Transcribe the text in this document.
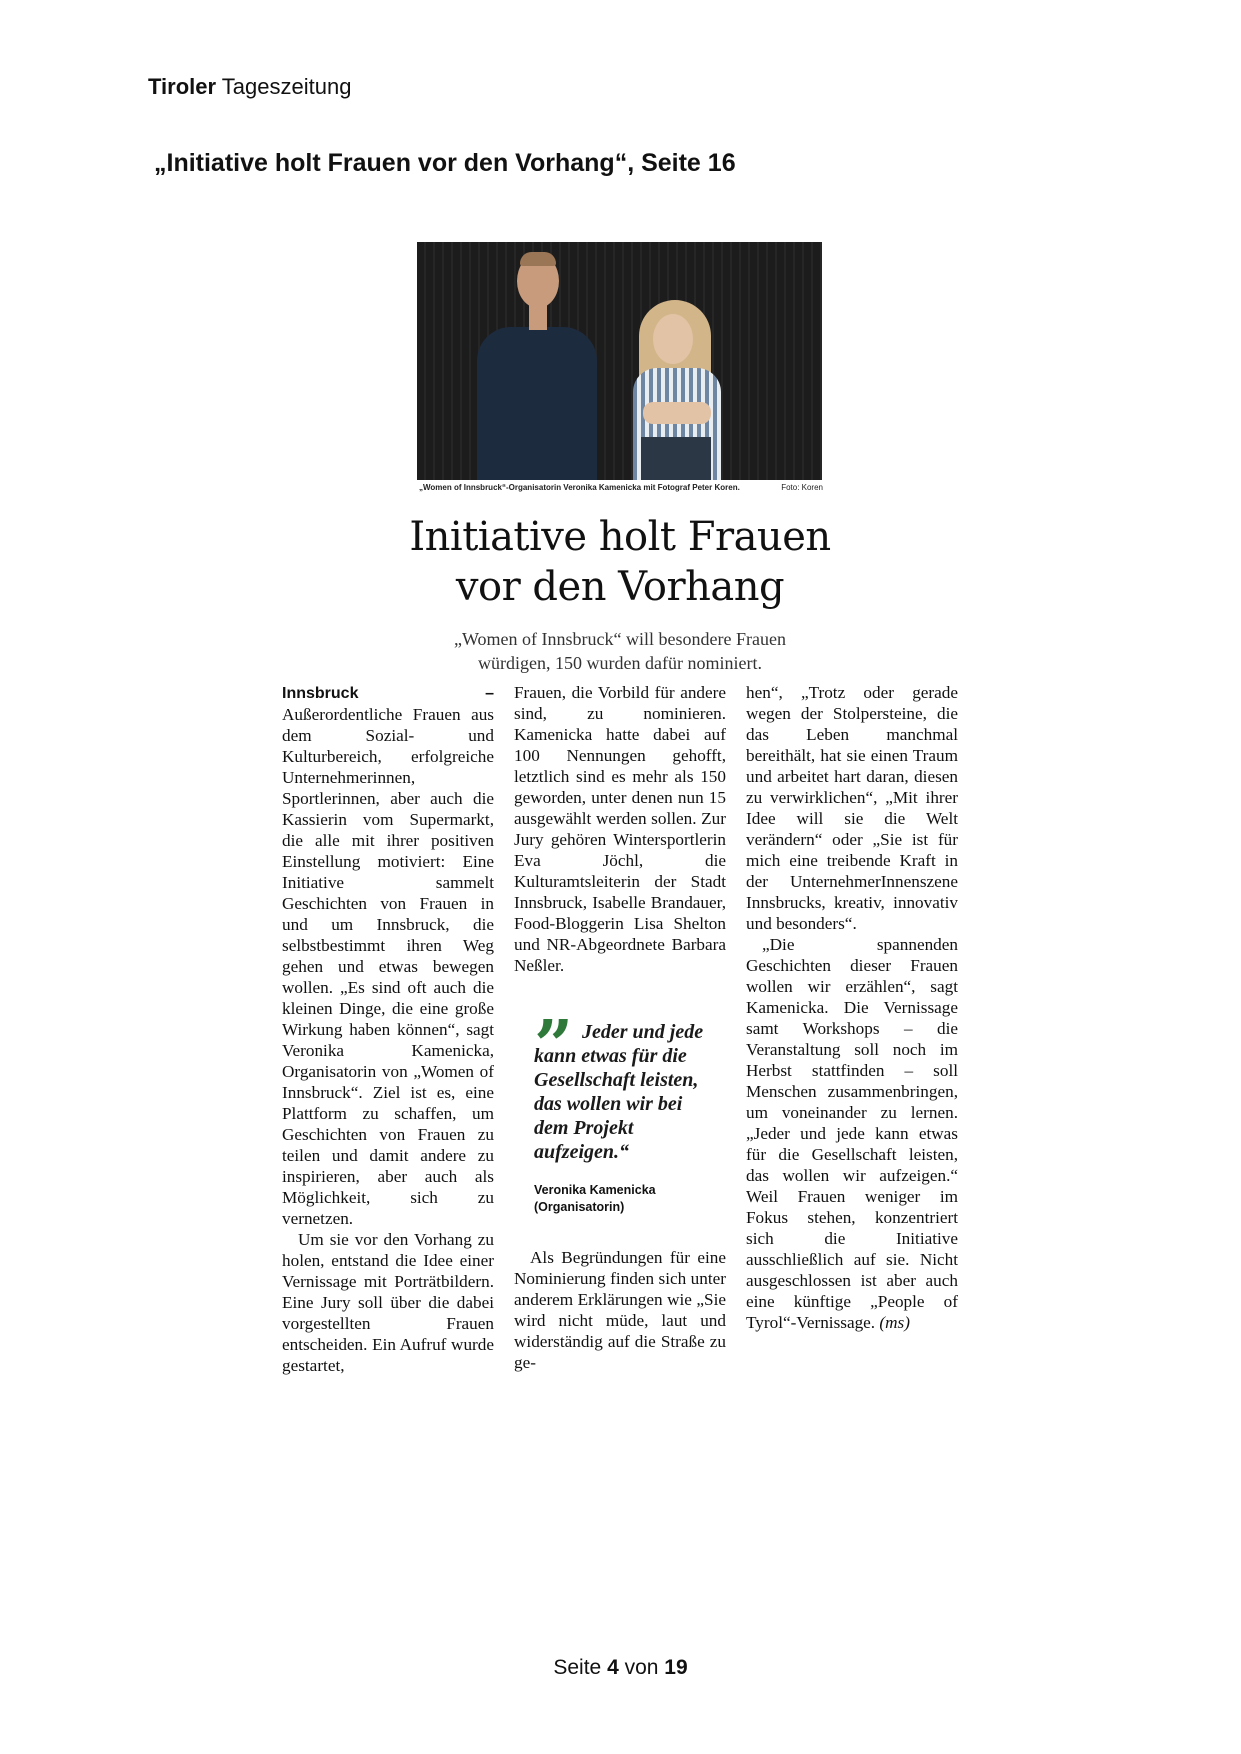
Tiroler Tageszeitung
„Initiative holt Frauen vor den Vorhang“, Seite 16
„Women of Innsbruck“-Organisatorin Veronika Kamenicka mit Fotograf Peter Koren.	Foto: Koren
Initiative holt Frauen
vor den Vorhang
„Women of Innsbruck“ will besondere Frauen
würdigen, 150 wurden dafür nominiert.

Innsbruck – Außerordentliche Frauen aus dem Sozial- und Kulturbereich, erfolgreiche Unternehmerinnen, Sportlerinnen, aber auch die Kassierin vom Supermarkt, die alle mit ihrer positiven Einstellung motiviert: Eine Initiative sammelt Geschichten von Frauen in und um Innsbruck, die selbstbestimmt ihren Weg gehen und etwas bewegen wollen. „Es sind oft auch die kleinen Dinge, die eine große Wirkung haben können“, sagt Veronika Kamenicka, Organisatorin von „Women of Innsbruck“. Ziel ist es, eine Plattform zu schaffen, um Geschichten von Frauen zu teilen und damit andere zu inspirieren, aber auch als Möglichkeit, sich zu vernetzen.

Um sie vor den Vorhang zu holen, entstand die Idee einer Vernissage mit Porträtbildern. Eine Jury soll über die dabei vorgestellten Frauen entscheiden. Ein Aufruf wurde gestartet,

Frauen, die Vorbild für andere sind, zu nominieren. Kamenicka hatte dabei auf 100 Nennungen gehofft, letztlich sind es mehr als 150 geworden, unter denen nun 15 ausgewählt werden sollen. Zur Jury gehören Wintersportlerin Eva Jöchl, die Kulturamtsleiterin der Stadt Innsbruck, Isabelle Brandauer, Food-Bloggerin Lisa Shelton und NR-Abgeordnete Barbara Neßler.

” Jeder und jede kann etwas für die Gesellschaft leisten, das wollen wir bei dem Projekt aufzeigen.“
Veronika Kamenicka
(Organisatorin)

Als Begründungen für eine Nominierung finden sich unter anderem Erklärungen wie „Sie wird nicht müde, laut und widerständig auf die Straße zu ge-

hen“, „Trotz oder gerade wegen der Stolpersteine, die das Leben manchmal bereithält, hat sie einen Traum und arbeitet hart daran, diesen zu verwirklichen“, „Mit ihrer Idee will sie die Welt verändern“ oder „Sie ist für mich eine treibende Kraft in der UnternehmerInnenszene Innsbrucks, kreativ, innovativ und besonders“.

„Die spannenden Geschichten dieser Frauen wollen wir erzählen“, sagt Kamenicka. Die Vernissage samt Workshops – die Veranstaltung soll noch im Herbst stattfinden – soll Menschen zusammenbringen, um voneinander zu lernen. „Jeder und jede kann etwas für die Gesellschaft leisten, das wollen wir aufzeigen.“ Weil Frauen weniger im Fokus stehen, konzentriert sich die Initiative ausschließlich auf sie. Nicht ausgeschlossen ist aber auch eine künftige „People of Tyrol“-Vernissage. (ms)

Seite 4 von 19
